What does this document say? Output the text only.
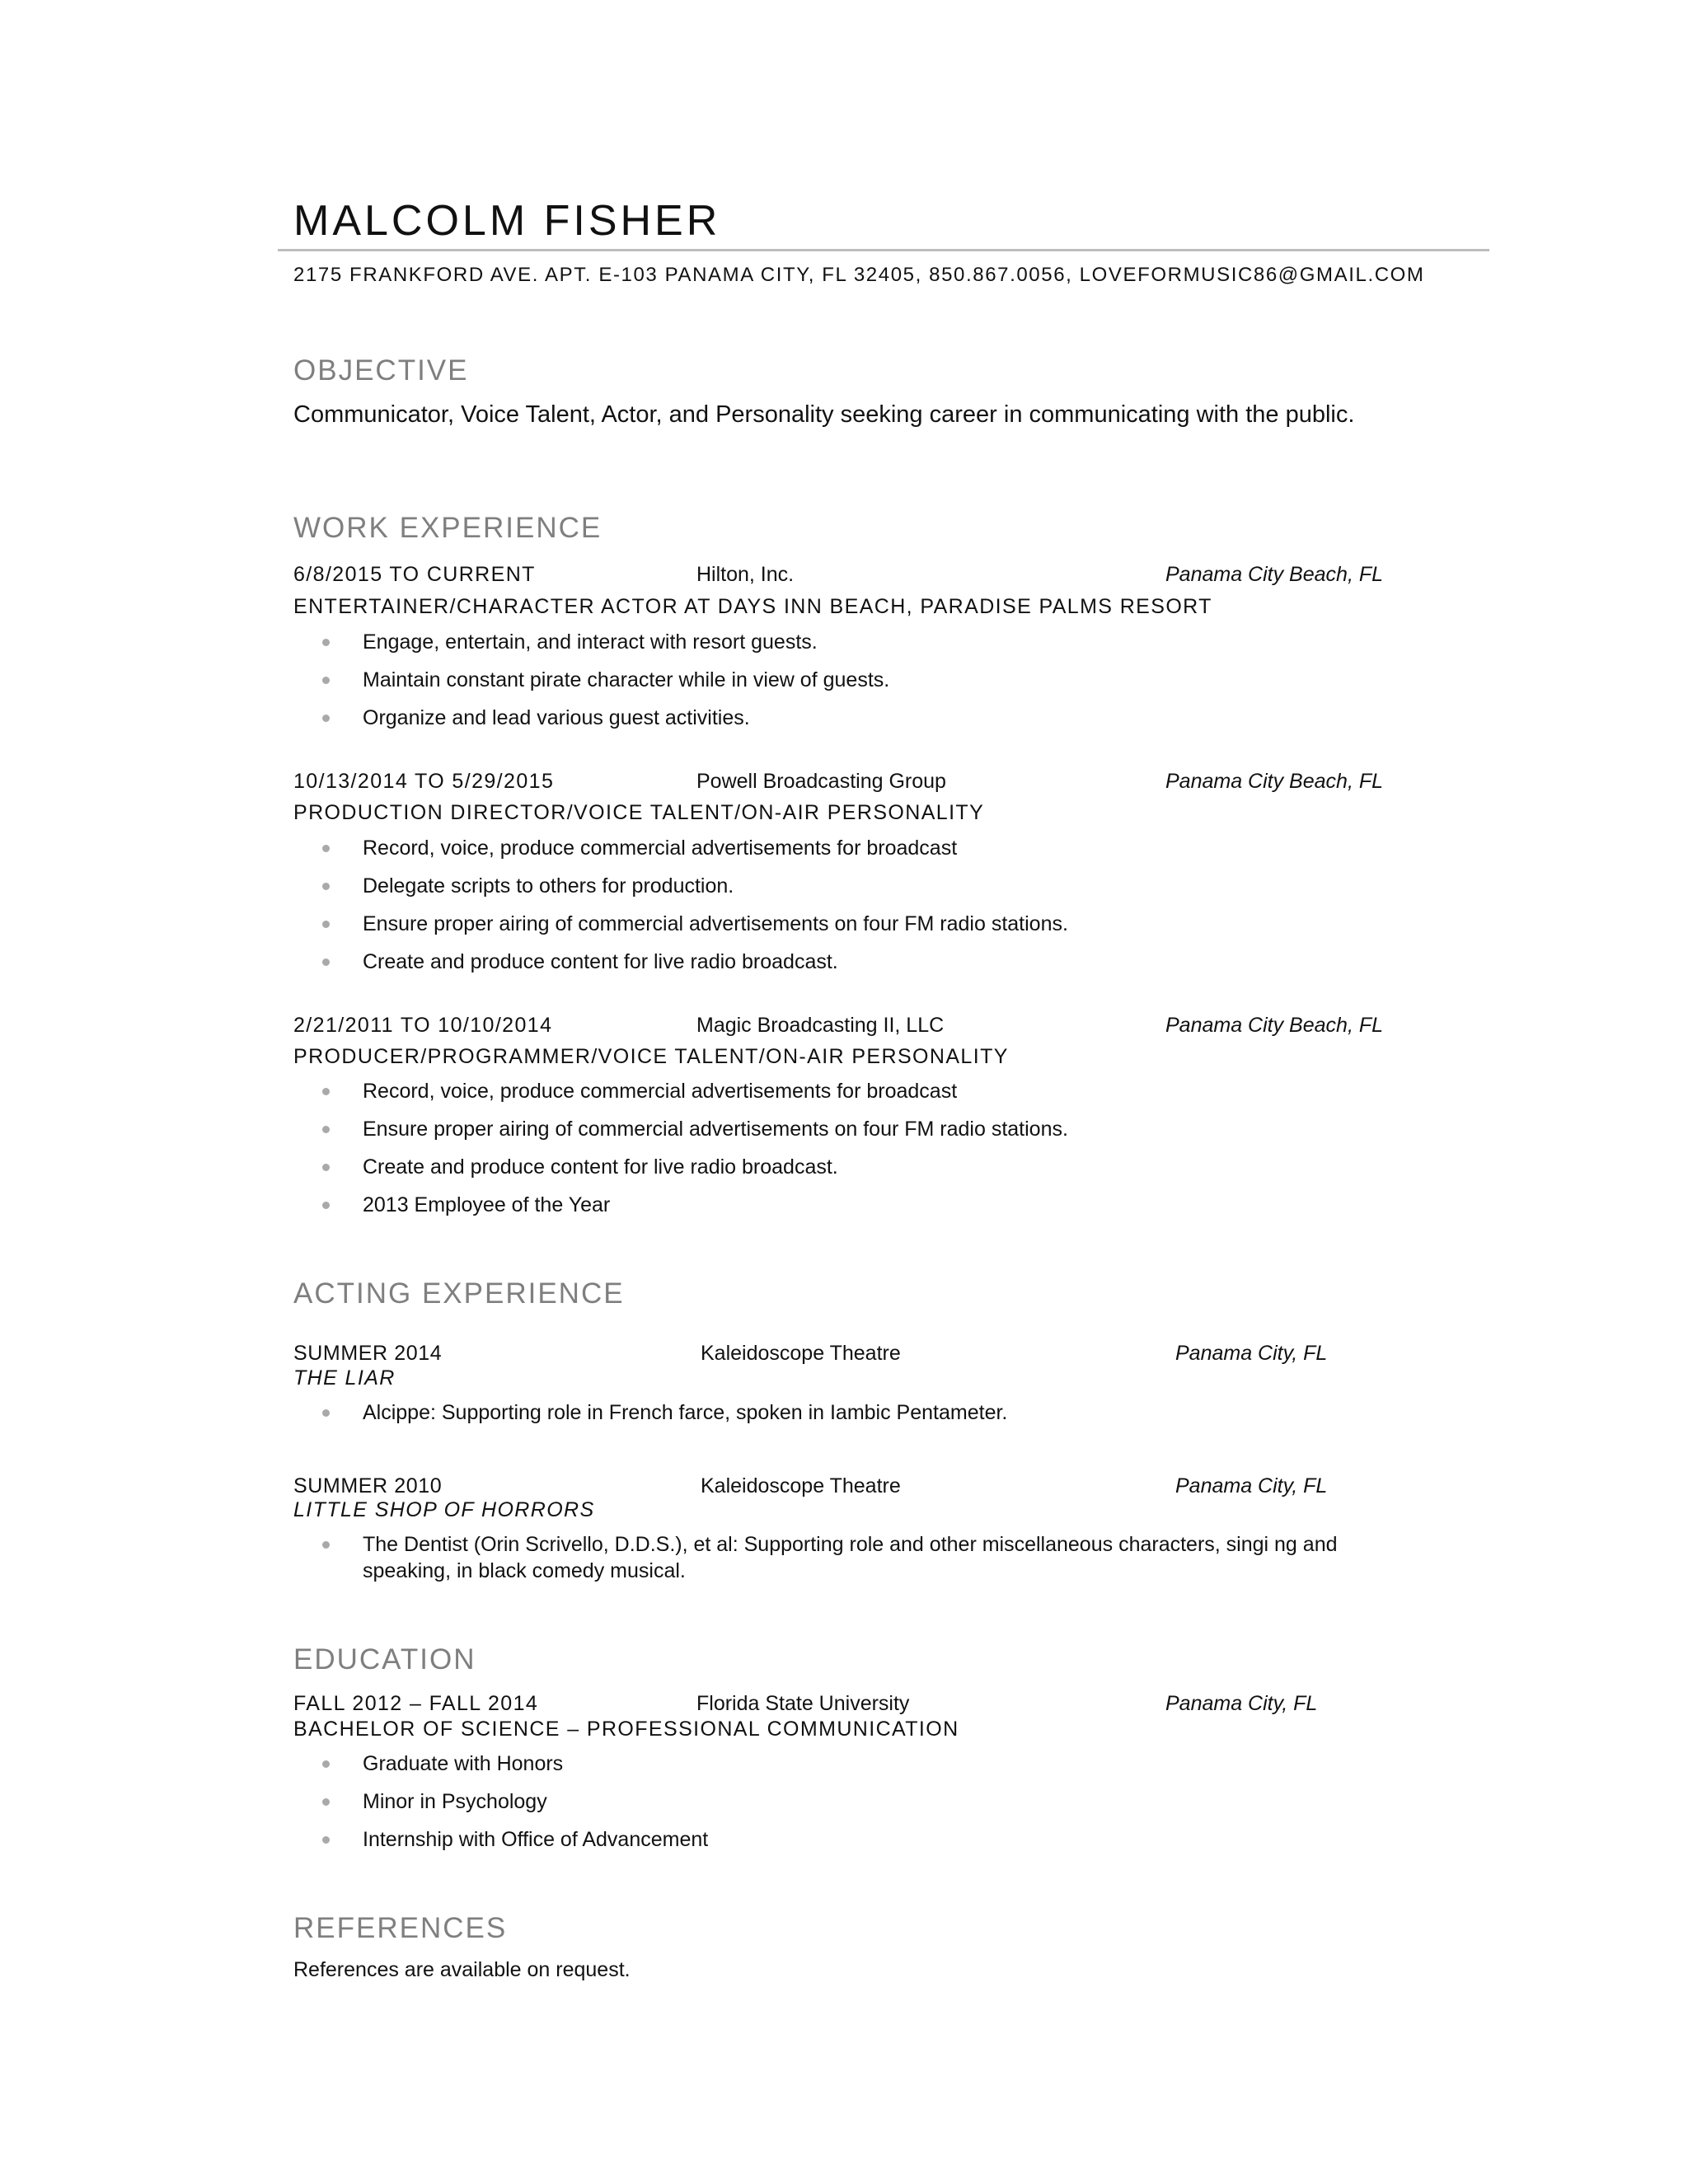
MALCOLM FISHER
2175 FRANKFORD AVE. APT. E-103 PANAMA CITY, FL 32405, 850.867.0056, LOVEFORMUSIC86@GMAIL.COM
OBJECTIVE
Communicator, Voice Talent, Actor, and Personality seeking career in communicating with the public.
WORK EXPERIENCE
6/8/2015 TO CURRENT	Hilton, Inc.	Panama City Beach, FL
ENTERTAINER/CHARACTER ACTOR AT DAYS INN BEACH, PARADISE PALMS RESORT
Engage, entertain, and interact with resort guests.
Maintain constant pirate character while in view of guests.
Organize and lead various guest activities.
10/13/2014 TO 5/29/2015	Powell Broadcasting Group	Panama City Beach, FL
PRODUCTION DIRECTOR/VOICE TALENT/ON-AIR PERSONALITY
Record, voice, produce commercial advertisements for broadcast
Delegate scripts to others for production.
Ensure proper airing of commercial advertisements on four FM radio stations.
Create and produce content for live radio broadcast.
2/21/2011 TO 10/10/2014	Magic Broadcasting II, LLC	Panama City Beach, FL
PRODUCER/PROGRAMMER/VOICE TALENT/ON-AIR PERSONALITY
Record, voice, produce commercial advertisements for broadcast
Ensure proper airing of commercial advertisements on four FM radio stations.
Create and produce content for live radio broadcast.
2013 Employee of the Year
ACTING EXPERIENCE
SUMMER 2014	Kaleidoscope Theatre	Panama City, FL
THE LIAR
Alcippe: Supporting role in French farce, spoken in Iambic Pentameter.
SUMMER 2010	Kaleidoscope Theatre	Panama City, FL
LITTLE SHOP OF HORRORS
The Dentist (Orin Scrivello, D.D.S.), et al: Supporting role and other miscellaneous characters, singi ng and speaking, in black comedy musical.
EDUCATION
FALL 2012 – FALL 2014	Florida State University	Panama City, FL
BACHELOR OF SCIENCE – PROFESSIONAL COMMUNICATION
Graduate with Honors
Minor in Psychology
Internship with Office of Advancement
REFERENCES
References are available on request.
